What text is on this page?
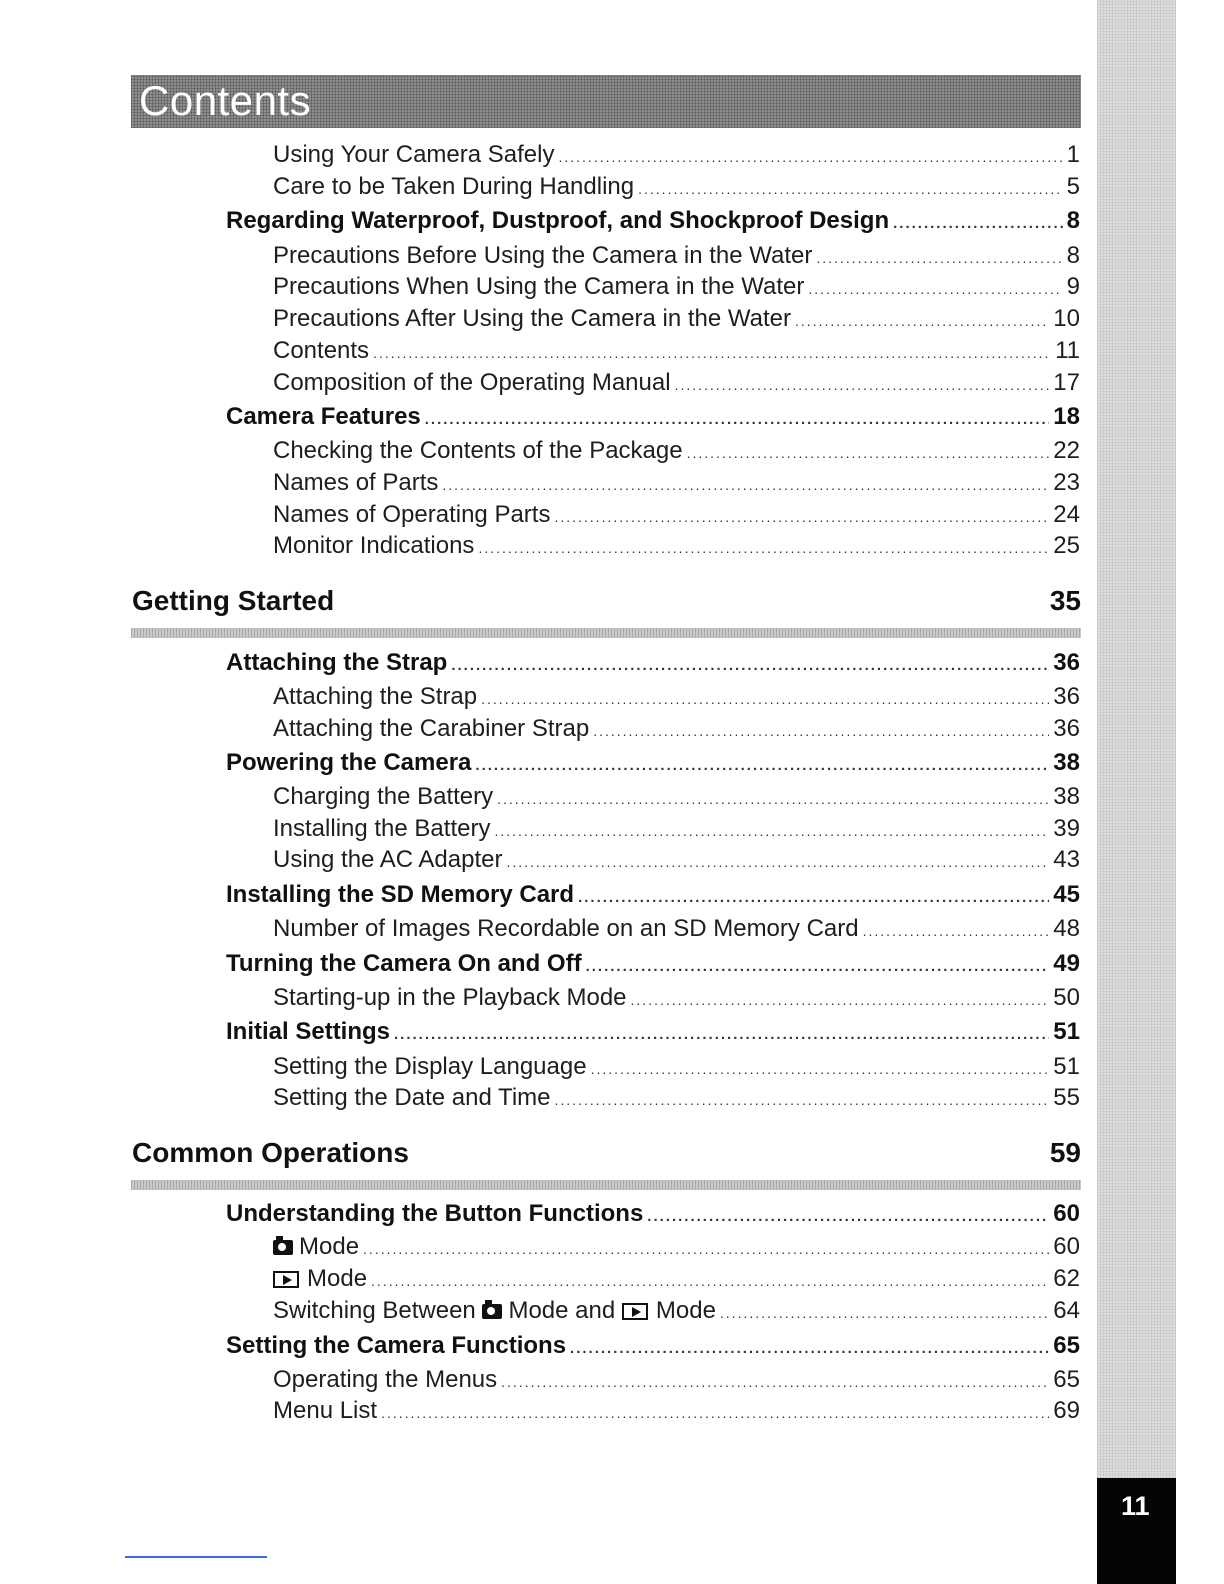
11
Contents
Using Your Camera Safely .....	1
Care to be Taken During Handling .....	5
Regarding Waterproof, Dustproof, and Shockproof Design .....	8
Precautions Before Using the Camera in the Water .....	8
Precautions When Using the Camera in the Water .....	9
Precautions After Using the Camera in the Water .....	10
Contents .....	11
Composition of the Operating Manual .....	17
Camera Features .....	18
Checking the Contents of the Package .....	22
Names of Parts .....	23
Names of Operating Parts .....	24
Monitor Indications .....	25
Getting Started	35
Attaching the Strap .....	36
Attaching the Strap .....	36
Attaching the Carabiner Strap .....	36
Powering the Camera .....	38
Charging the Battery .....	38
Installing the Battery .....	39
Using the AC Adapter .....	43
Installing the SD Memory Card .....	45
Number of Images Recordable on an SD Memory Card .....	48
Turning the Camera On and Off .....	49
Starting-up in the Playback Mode .....	50
Initial Settings .....	51
Setting the Display Language .....	51
Setting the Date and Time .....	55
Common Operations	59
Understanding the Button Functions .....	60
Mode .....	60
Mode .....	62
Switching Between Mode and Mode .....	64
Setting the Camera Functions .....	65
Operating the Menus .....	65
Menu List .....	69
